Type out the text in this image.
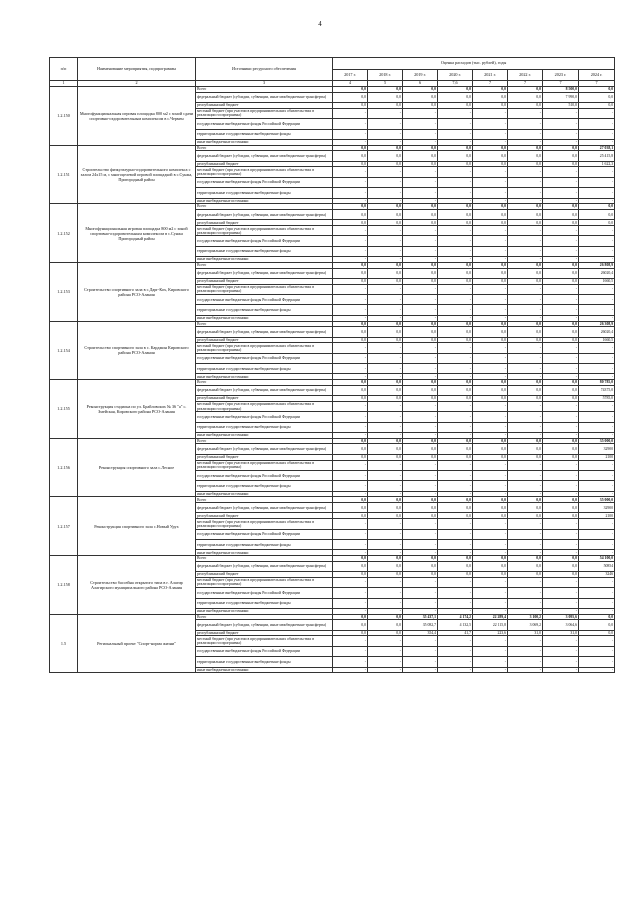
4
п/п	Наименование мероприятия, подпрограммы	Источники ресурсного обеспечения	Оценка расходов (тыс. рублей), годы							
			2017 г.	2018 г.	2019 г.	2020 г.	2021 г.	2022 г.	2023 г.	2024 г.
1	2	3	4	5	6	7,6	7	7	7	7
1.2.150	Многофункциональная игровая площадка 800 м2 с зоной сдачи спортивно-оздоровительным комплексом в с.Чермен	Всего	0,0	0,0	0,0	0,0	0,0	0,0	8 500,0	0,0
		федеральный бюджет (субсидии, субвенции, иные межбюджетные трансферты)	0,0	0,0	0,0	0,0	0,0	0,0	7 990,0	0,0
		республиканский бюджет	0,0	0,0	0,0	0,0	0,0	0,0	510,0	0,0
		местный бюджет (при участии в предпринимательских обязательствах в реализации госпрограммы)	-	-	-	-	-	-	-	-
		государственные внебюджетные фонды Российской Федерации	-	-	-	-	-	-	-	-
		территориальные государственные внебюджетные фонды	-	-	-	-	-	-	-	-
		иные внебюджетные источники	-	-	-	-	-	-	-	-
1.2.151	Строительство физкультурно-оздоровительного комплекса с залом 24х15 м, с многоцелевой игровой площадкой в с.Сунжа, Пригородный район	Всего	0,0	0,0	0,0	0,0	0,0	0,0	0,0	27 038,1
		федеральный бюджет (субсидии, субвенции, иные межбюджетные трансферты)	0,0	0,0	0,0	0,0	0,0	0,0	0,0	25 415,8
		республиканский бюджет	0,0	0,0	0,0	0,0	0,0	0,0	0,0	1 622,3
		местный бюджет (при участии в предпринимательских обязательствах в реализации госпрограммы)	-	-	-	-	-	-	-	-
		государственные внебюджетные фонды Российской Федерации	-	-	-	-	-	-	-	-
		территориальные государственные внебюджетные фонды	-	-	-	-	-	-	-	-
		иные внебюджетные источники	-	-	-	-	-	-	-	-
1.2.152	Многофункциональная игровая площадка 800 м2 с зоной спортивно-оздоровительным комплексом в с.Сунжа Пригородный район	Всего	0,0	0,0	0,0	0,0	0,0	0,0	0,0	0,0
		федеральный бюджет (субсидии, субвенции, иные межбюджетные трансферты)	0,0	0,0	0,0	0,0	0,0	0,0	0,0	0,0
		республиканский бюджет	0,0	0,0	0,0	0,0	0,0	0,0	0,0	0,0
		местный бюджет (при участии в предпринимательских обязательствах в реализации госпрограммы)	-	-	-	-	-	-	-	-
		государственные внебюджетные фонды Российской Федерации	-	-	-	-	-	-	-	-
		территориальные государственные внебюджетные фонды	-	-	-	-	-	-	-	-
		иные внебюджетные источники	-	-	-	-	-	-	-	-
1.2.153	Строительство спортивного зала в с.Дарг-Кох, Кировского района РСО-Алания	Всего	0,0	0,0	0,0	0,0	0,0	0,0	0,0	26 808,9
		федеральный бюджет (субсидии, субвенции, иные межбюджетные трансферты)	0,0	0,0	0,0	0,0	0,0	0,0	0,0	26020,4
		республиканский бюджет	0,0	0,0	0,0	0,0	0,0	0,0	0,0	1660,5
		местный бюджет (при участии в предпринимательских обязательствах в реализации госпрограммы)	-	-	-	-	-	-	-	-
		государственные внебюджетные фонды Российской Федерации	-	-	-	-	-	-	-	-
		территориальные государственные внебюджетные фонды	-	-	-	-	-	-	-	-
		иные внебюджетные источники	-	-	-	-	-	-	-	-
1.2.154	Строительство спортивного зала в с. Карджин Кировского района РСО-Алания	Всего	0,0	0,0	0,0	0,0	0,0	0,0	0,0	26 308,9
		федеральный бюджет (субсидии, субвенции, иные межбюджетные трансферты)	0,0	0,0	0,0	0,0	0,0	0,0	0,0	26020,4
		республиканский бюджет	0,0	0,0	0,0	0,0	0,0	0,0	0,0	1660,5
		местный бюджет (при участии в предпринимательских обязательствах в реализации госпрограммы)	-	-	-	-	-	-	-	-
		государственные внебюджетные фонды Российской Федерации	-	-	-	-	-	-	-	-
		территориальные государственные внебюджетные фонды	-	-	-	-	-	-	-	-
		иные внебюджетные источники	-	-	-	-	-	-	-	-
1.2.155	Реконструкция стадиона по ул. Брайловских № 36 "а" с. Змейская, Кировского района РСО-Алания	Всего	0,0	0,0	0,0	0,0	0,0	0,0	0,0	80 785,0
		федеральный бюджет (субсидии, субвенции, иные межбюджетные трансферты)	0,0	0,0	0,0	0,0	0,0	0,0	0,0	74375,0
		республиканский бюджет	0,0	0,0	0,0	0,0	0,0	0,0	0,0	5785,0
		местный бюджет (при участии в предпринимательских обязательствах в реализации госпрограммы)	-	-	-	-	-	-	-	-
		государственные внебюджетные фонды Российской Федерации	-	-	-	-	-	-	-	-
		территориальные государственные внебюджетные фонды	-	-	-	-	-	-	-	-
		иные внебюджетные источники	-	-	-	-	-	-	-	-
1.2.156	Реконструкция спортивного зала с.Лесное	Всего	0,0	0,0	0,0	0,0	0,0	0,0	0,0	35 000,0
		федеральный бюджет (субсидии, субвенции, иные межбюджетные трансферты)	0,0	0,0	0,0	0,0	0,0	0,0	0,0	32900
		республиканский бюджет	0,0	0,0	0,0	0,0	0,0	0,0	0,0	2100
		местный бюджет (при участии в предпринимательских обязательствах в реализации госпрограммы)	-	-	-	-	-	-	-	-
		государственные внебюджетные фонды Российской Федерации	-	-	-	-	-	-	-	-
		территориальные государственные внебюджетные фонды	-	-	-	-	-	-	-	-
		иные внебюджетные источники	-	-	-	-	-	-	-	-
1.2.157	Реконструкция спортивного зала с.Новый Урух	Всего	0,0	0,0	0,0	0,0	0,0	0,0	0,0	35 000,0
		федеральный бюджет (субсидии, субвенции, иные межбюджетные трансферты)	0,0	0,0	0,0	0,0	0,0	0,0	0,0	32900
		республиканский бюджет	0,0	0,0	0,0	0,0	0,0	0,0	0,0	2100
		местный бюджет (при участии в предпринимательских обязательствах в реализации госпрограммы)	-	-	-	-	-	-	-	-
		государственные внебюджетные фонды Российской Федерации	-	-	-	-	-	-	-	-
		территориальные государственные внебюджетные фонды	-	-	-	-	-	-	-	-
		иные внебюджетные источники	-	-	-	-	-	-	-	-
1.2.158	Строительство бассейна открытого типа в г. Алагир Алагирского муниципального района РСО-Алания	Всего	0,0	0,0	0,0	0,0	0,0	0,0	0,0	54 100,0
		федеральный бюджет (субсидии, субвенции, иные межбюджетные трансферты)	0,0	0,0	0,0	0,0	0,0	0,0	0,0	50854
		республиканский бюджет	0,0	0,0	0,0	0,0	0,0	0,0	0,0	3246
		местный бюджет (при участии в предпринимательских обязательствах в реализации госпрограммы)	-	-	-	-	-	-	-	-
		государственные внебюджетные фонды Российской Федерации	-	-	-	-	-	-	-	-
		территориальные государственные внебюджетные фонды	-	-	-	-	-	-	-	-
		иные внебюджетные источники	-	-	-	-	-	-	-	-
1.5	Региональный проект "Спорт-норма жизни"	Всего	0,0	0,0	35 437,1	4 174,2	22 289,4	3 100,2	3 095,6	0,0
		федеральный бюджет (субсидии, субвенции, иные межбюджетные трансферты)	0,0	0,0	35 082,7	4 132,5	22 115,8	3 069,2	3 064,6	0,0
		республиканский бюджет	0,0	0,0	354,4	41,7	223,6	31,0	31,0	0,0
		местный бюджет (при участии в предпринимательских обязательствах в реализации госпрограммы)	-	-	-	-	-	-	-	-
		государственные внебюджетные фонды Российской Федерации	-	-	-	-	-	-	-	-
		территориальные государственные внебюджетные фонды	-	-	-	-	-	-	-	-
		иные внебюджетные источники	-	-	-	-	-	-	-	-
